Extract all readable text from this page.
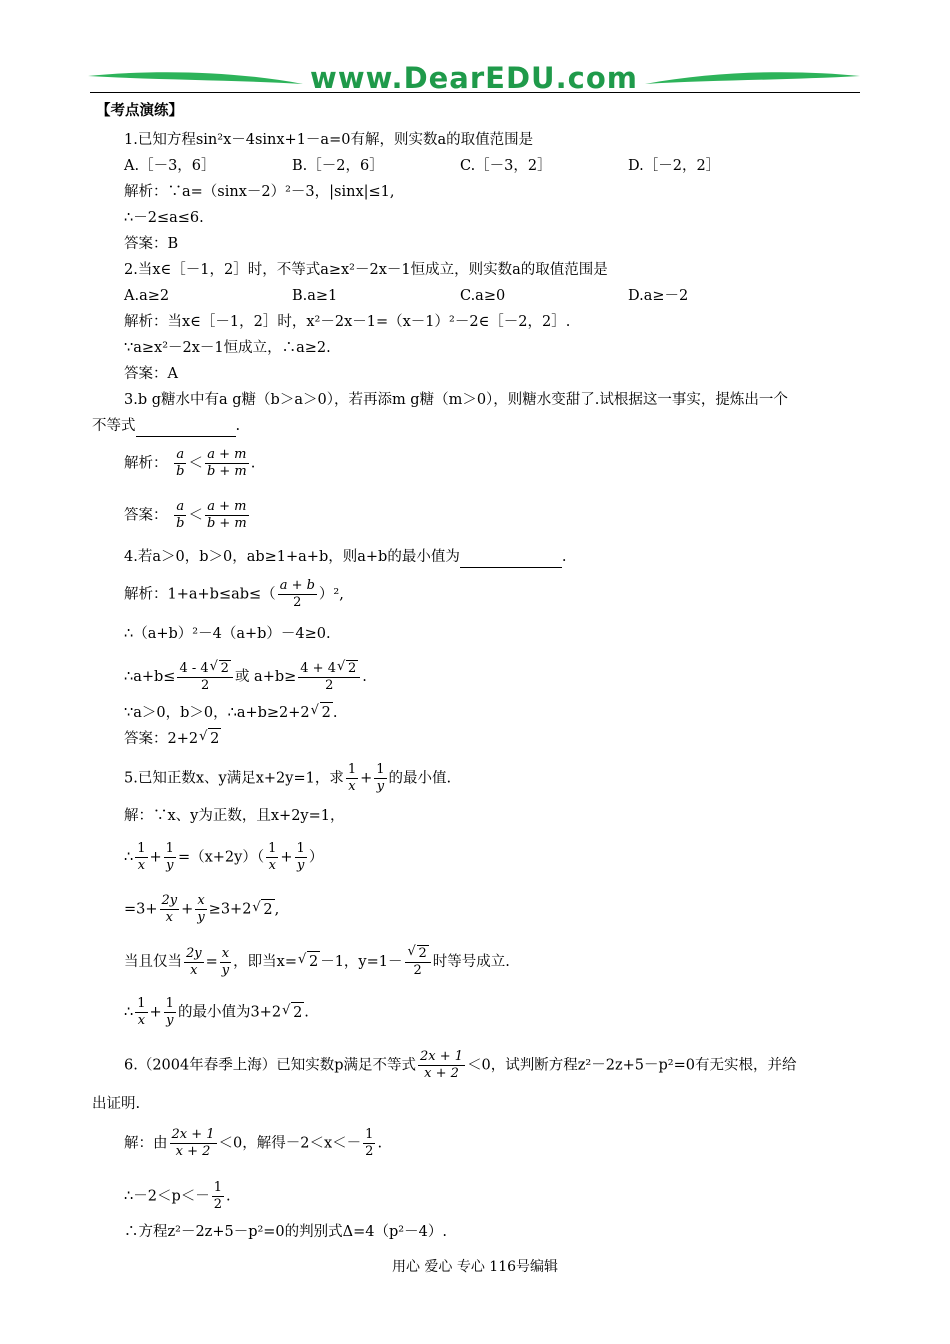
www.DearEDU.com
【考点演练】
1.已知方程sin²x－4sinx+1－a=0有解，则实数a的取值范围是
A.［－3，6］	B.［－2，6］	C.［－3，2］	D.［－2，2］
解析：∵a=（sinx－2）²－3，|sinx|≤1,
∴－2≤a≤6.
答案：B
2.当x∈［－1，2］时，不等式a≥x²－2x－1恒成立，则实数a的取值范围是
A.a≥2	B.a≥1	C.a≥0	D.a≥－2
解析：当x∈［－1，2］时，x²－2x－1=（x－1）²－2∈［－2，2］.
∵a≥x²－2x－1恒成立，∴a≥2.
答案：A
3.b g糖水中有a g糖（b＞a＞0），若再添m g糖（m＞0），则糖水变甜了.试根据这一事实，提炼出一个
不等式	.
解析： $\frac{a}{b} < \frac{a + m}{b + m}$ .
答案： $\frac{a}{b} < \frac{a + m}{b + m}$
4.若a＞0，b＞0，ab≥1+a+b，则a+b的最小值为	.
解析：$1+a+b\le ab\le( \frac{a + b}{2} )^2$,
∴（a+b）²－4（a+b）－4≥0.
∴a+b≤ $\frac{4 - 4√ 2}{2}$ 或 $a+b\ge \frac{4 + 4√ 2}{2}$ .
∵a＞0，b＞0，∴a+b≥2+2√ 2 .
答案：2+2√ 2
5.已知正数x、y满足x+2y=1，求 $\frac{1}{x} + \frac{1}{y}$ 的最小值.
解：∵x、y为正数，且x+2y=1，
∴ $\frac{1}{x} + \frac{1}{y} =(x+2y)( \frac{1}{x} + \frac{1}{y}$ ）
$=3+ \frac{2y}{x} + \frac{x}{y} \ge 3+2√$ 2 ,
当且仅当 $\frac{2y}{x} = \frac{x}{y}$ ，即当x=√ 2 －1，y=1－
√ $\frac{2}{2}$ 时等号成立.
∴ $\frac{1}{x} + \frac{1}{y}$ 的最小值为3+2√ 2 .
6.（2004年春季上海）已知实数p满足不等式 $\frac{2x + 1}{x + 2} <0$，试判断方程z²－2z+5－p²=0有无实根，并给
出证明.
解：由 $\frac{2x + 1}{x + 2} <0$，解得$-2<x<- \frac{1}{2}$ .
∴－2＜p＜－ $\frac{1}{2}$ .
∴方程z²－2z+5－p²=0的判别式Δ=4（p²－4）.
用心 爱心 专心 116号编辑
